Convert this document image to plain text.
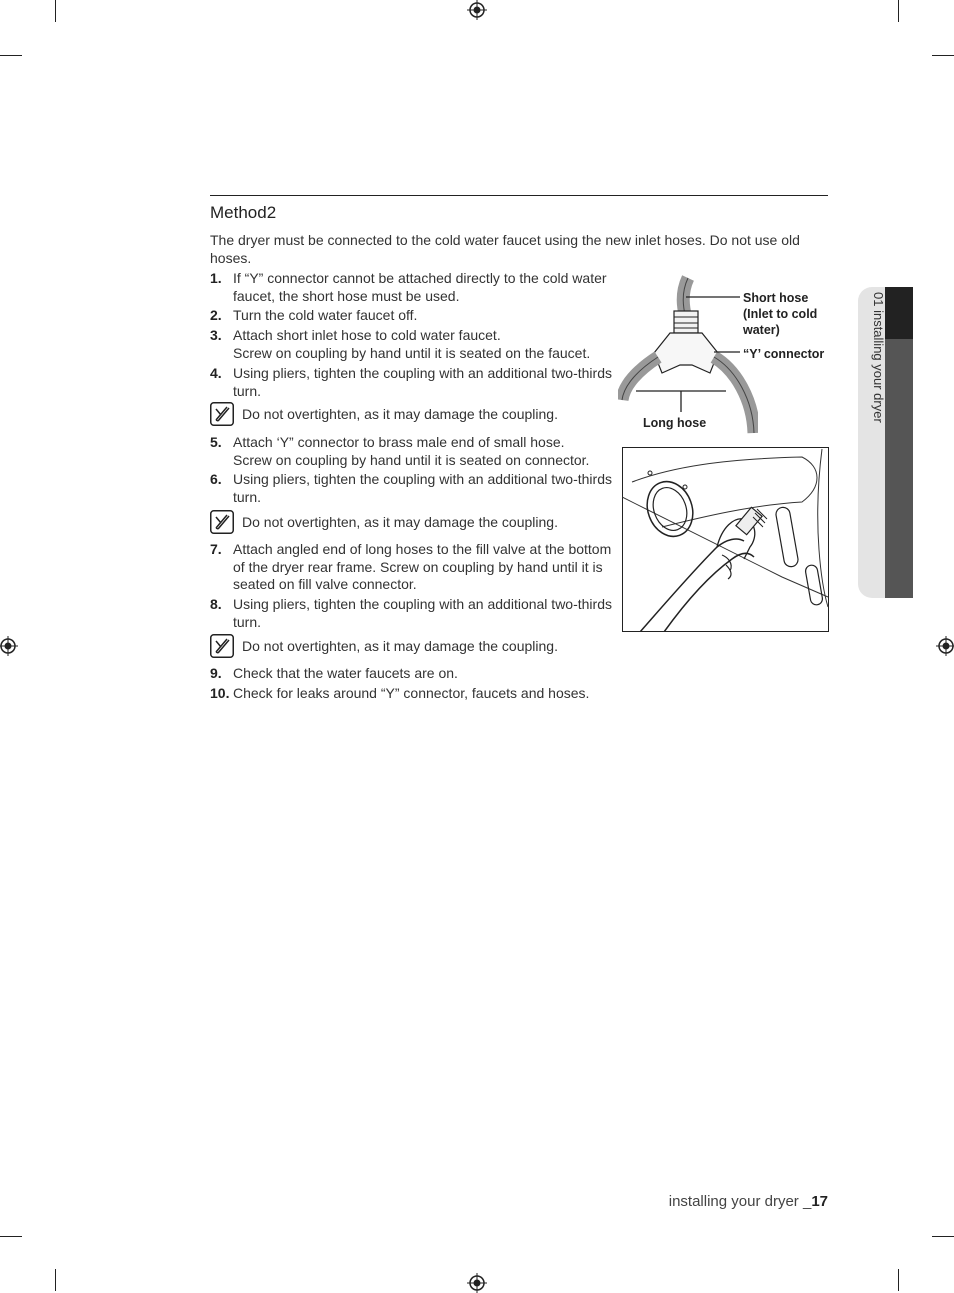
Method2
The dryer must be connected to the cold water faucet using the new inlet hoses. Do not use old hoses.
1. If “Y” connector cannot be attached directly to the cold water faucet, the short hose must be used.
2. Turn the cold water faucet off.
3. Attach short inlet hose to cold water faucet.
Screw on coupling by hand until it is seated on the faucet.
4. Using pliers, tighten the coupling with an additional two-thirds turn.
Do not overtighten, as it may damage the coupling.
5. Attach ‘Y” connector to brass male end of small hose.
Screw on coupling by hand until it is seated on connector.
6. Using pliers, tighten the coupling with an additional two-thirds turn.
Do not overtighten, as it may damage the coupling.
7. Attach angled end of long hoses to the fill valve at the bottom of the dryer rear frame. Screw on coupling by hand until it is seated on fill valve connector.
8. Using pliers, tighten the coupling with an additional two-thirds turn.
Do not overtighten, as it may damage the coupling.
9. Check that the water faucets are on.
10. Check for leaks around “Y” connector, faucets and hoses.
Short hose (Inlet to cold water)
“Y’ connector
Long hose
01 installing your dryer
installing your dryer _17
